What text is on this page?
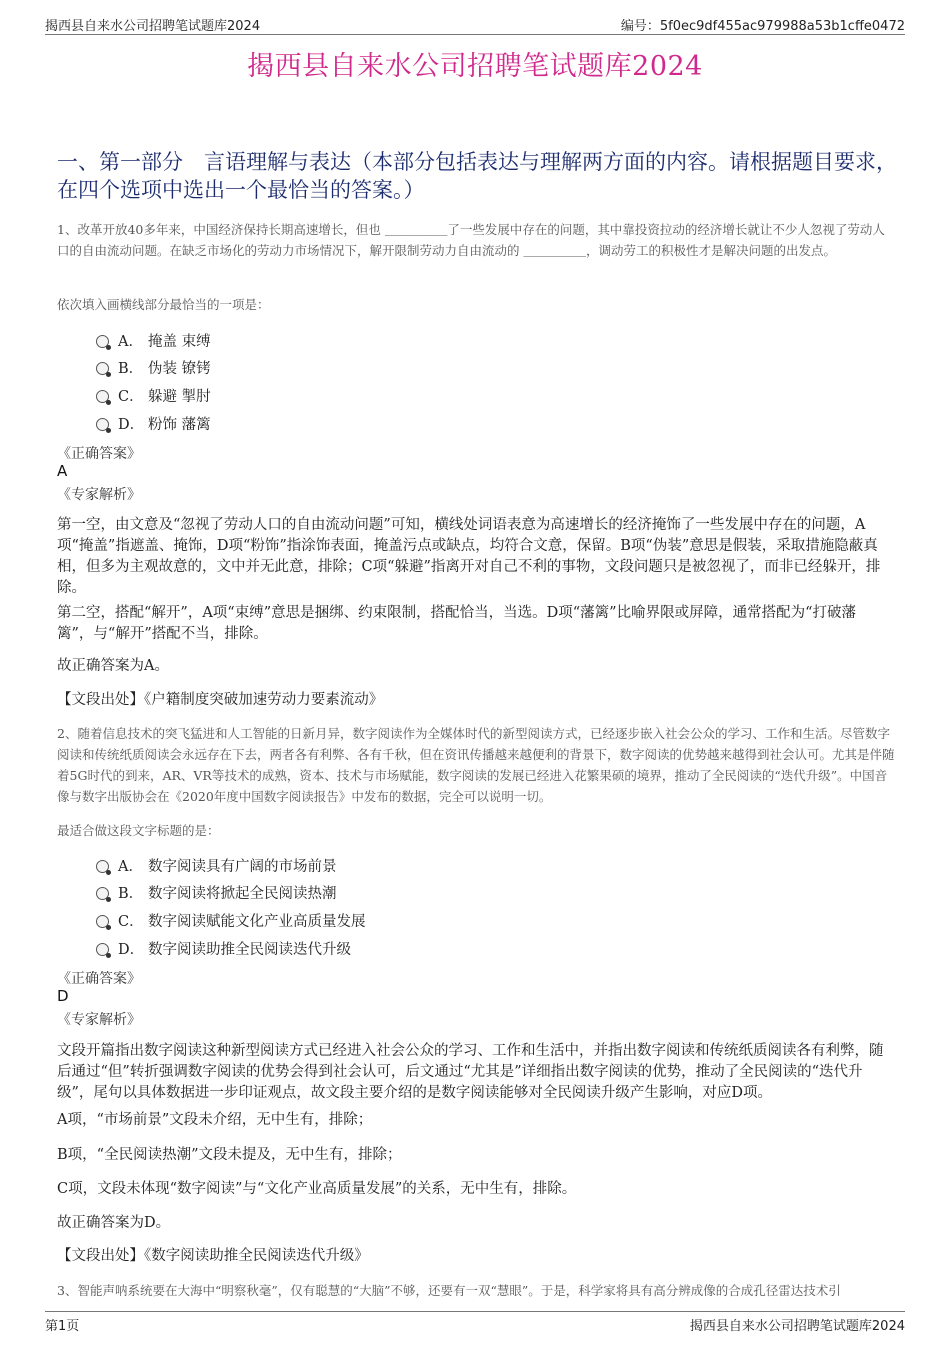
揭西县自来水公司招聘笔试题库2024	编号：5f0ec9df455ac979988a53b1cffe0472
揭西县自来水公司招聘笔试题库2024
一、第一部分　言语理解与表达（本部分包括表达与理解两方面的内容。请根据题目要求，在四个选项中选出一个最恰当的答案。）
1、改革开放40多年来，中国经济保持长期高速增长，但也 ＿＿＿＿＿了一些发展中存在的问题，其中靠投资拉动的经济增长就让不少人忽视了劳动人口的自由流动问题。在缺乏市场化的劳动力市场情况下，解开限制劳动力自由流动的 ＿＿＿＿＿，调动劳工的积极性才是解决问题的出发点。
依次填入画横线部分最恰当的一项是：
A． 掩盖 束缚
B． 伪装 镣铐
C． 躲避 掣肘
D． 粉饰 藩篱
《正确答案》
A
《专家解析》
第一空，由文意及“忽视了劳动人口的自由流动问题”可知，横线处词语表意为高速增长的经济掩饰了一些发展中存在的问题，A项“掩盖”指遮盖、掩饰，D项“粉饰”指涂饰表面，掩盖污点或缺点，均符合文意，保留。B项“伪装”意思是假装，采取措施隐蔽真相，但多为主观故意的，文中并无此意，排除；C项“躲避”指离开对自己不利的事物，文段问题只是被忽视了，而非已经躲开，排除。
第二空，搭配“解开”，A项“束缚”意思是捆绑、约束限制，搭配恰当，当选。D项“藩篱”比喻界限或屏障，通常搭配为“打破藩篱”，与“解开”搭配不当，排除。
故正确答案为A。
【文段出处】《户籍制度突破加速劳动力要素流动》
2、随着信息技术的突飞猛进和人工智能的日新月异，数字阅读作为全媒体时代的新型阅读方式，已经逐步嵌入社会公众的学习、工作和生活。尽管数字阅读和传统纸质阅读会永远存在下去，两者各有利弊、各有千秋，但在资讯传播越来越便利的背景下，数字阅读的优势越来越得到社会认可。尤其是伴随着5G时代的到来，AR、VR等技术的成熟，资本、技术与市场赋能，数字阅读的发展已经进入花繁果硕的境界，推动了全民阅读的“迭代升级”。中国音像与数字出版协会在《2020年度中国数字阅读报告》中发布的数据，完全可以说明一切。
最适合做这段文字标题的是：
A． 数字阅读具有广阔的市场前景
B． 数字阅读将掀起全民阅读热潮
C． 数字阅读赋能文化产业高质量发展
D． 数字阅读助推全民阅读迭代升级
《正确答案》
D
《专家解析》
文段开篇指出数字阅读这种新型阅读方式已经进入社会公众的学习、工作和生活中，并指出数字阅读和传统纸质阅读各有利弊，随后通过“但”转折强调数字阅读的优势会得到社会认可，后文通过“尤其是”详细指出数字阅读的优势，推动了全民阅读的“迭代升级”，尾句以具体数据进一步印证观点，故文段主要介绍的是数字阅读能够对全民阅读升级产生影响，对应D项。
A项，“市场前景”文段未介绍，无中生有，排除；
B项，“全民阅读热潮”文段未提及，无中生有，排除；
C项，文段未体现“数字阅读”与“文化产业高质量发展”的关系，无中生有，排除。
故正确答案为D。
【文段出处】《数字阅读助推全民阅读迭代升级》
3、智能声呐系统要在大海中“明察秋毫”，仅有聪慧的“大脑”不够，还要有一双“慧眼”。于是，科学家将具有高分辨成像的合成孔径雷达技术引
第1页	揭西县自来水公司招聘笔试题库2024
